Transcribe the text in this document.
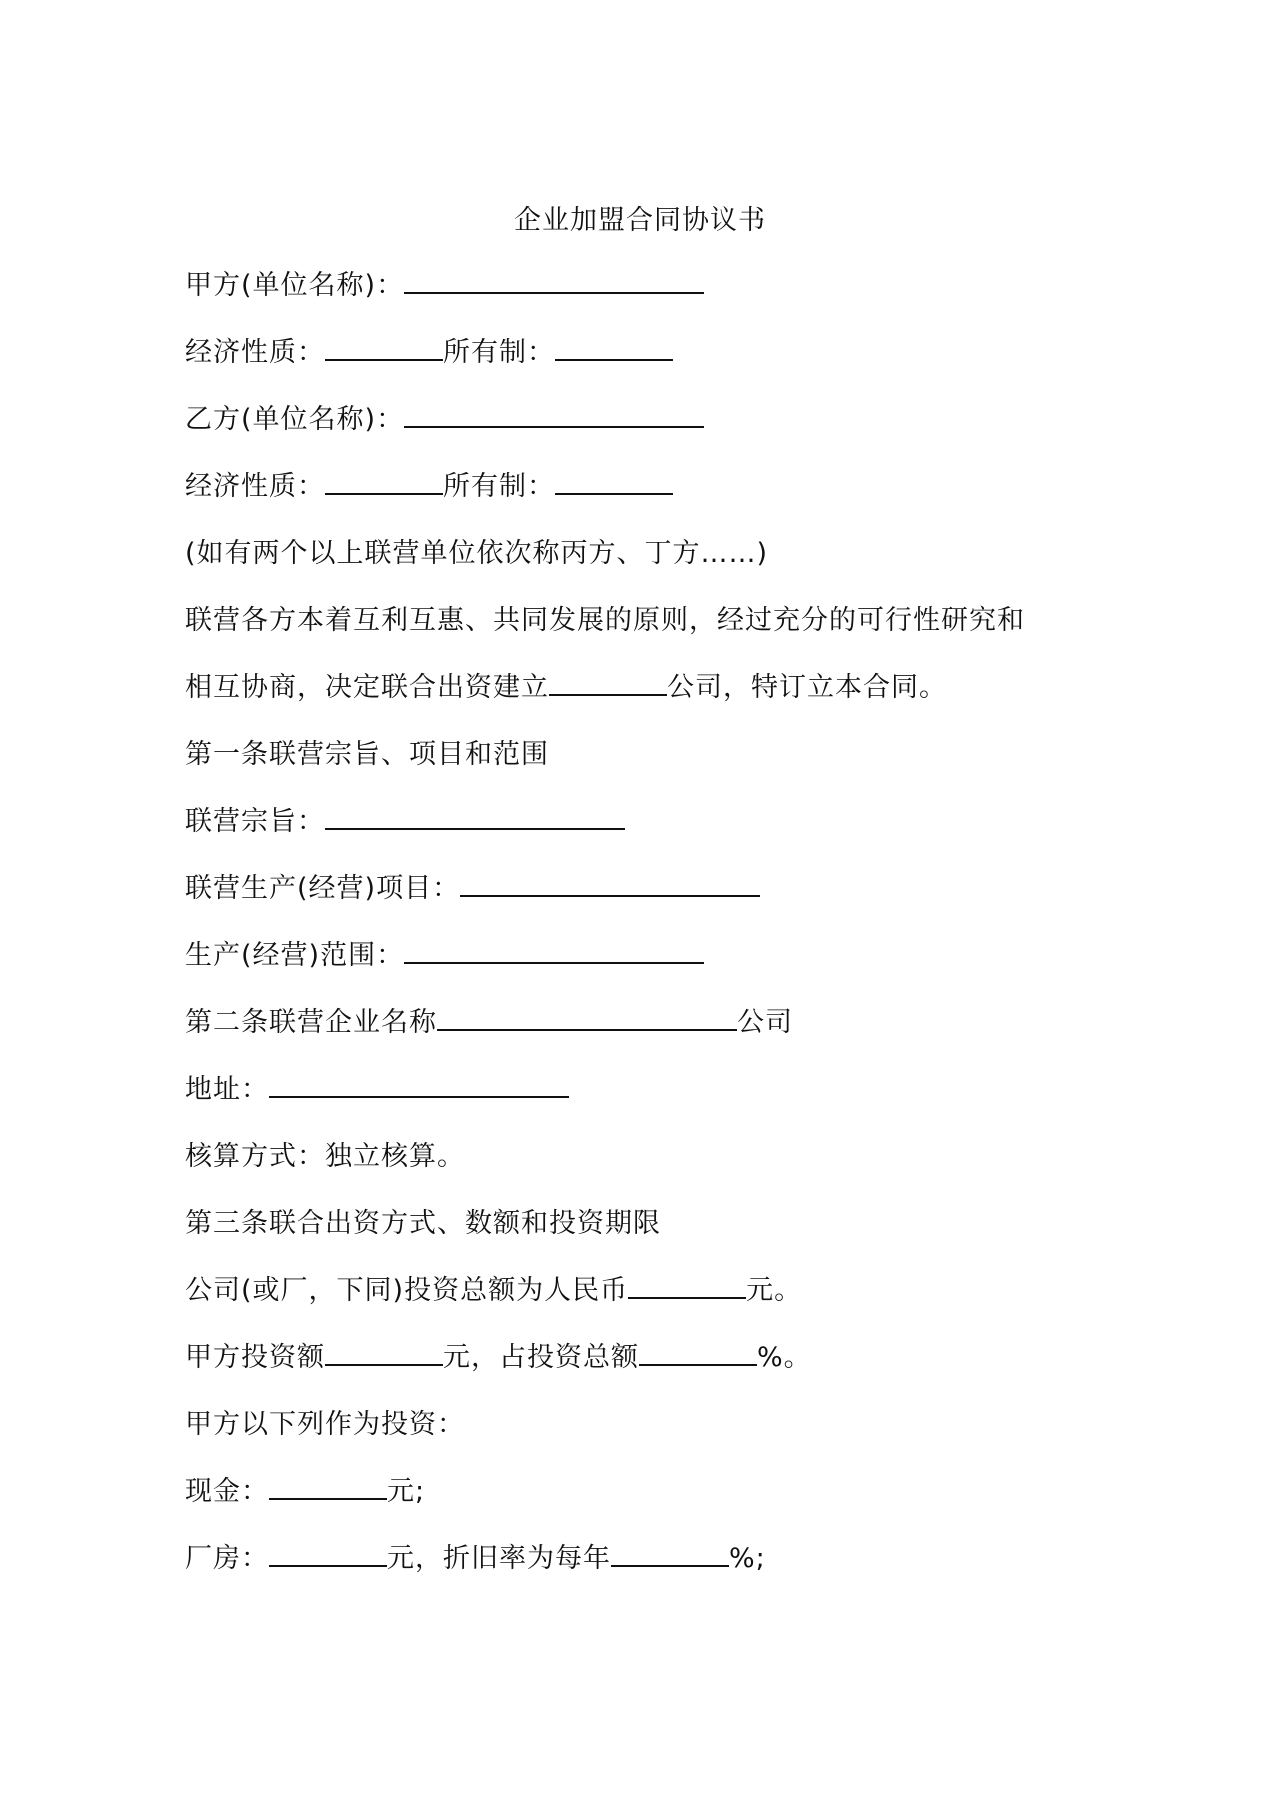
企业加盟合同协议书
甲方(单位名称)：
经济性质：	所有制：
乙方(单位名称)：
经济性质：	所有制：
(如有两个以上联营单位依次称丙方、丁方……)
联营各方本着互利互惠、共同发展的原则，经过充分的可行性研究和
相互协商，决定联合出资建立	公司，特订立本合同。
第一条联营宗旨、项目和范围
联营宗旨：
联营生产(经营)项目：
生产(经营)范围：
第二条联营企业名称	公司
地址：
核算方式：独立核算。
第三条联合出资方式、数额和投资期限
公司(或厂，下同)投资总额为人民币	元。
甲方投资额	元，占投资总额	%。
甲方以下列作为投资：
现金：	元;
厂房：	元，折旧率为每年	%;
